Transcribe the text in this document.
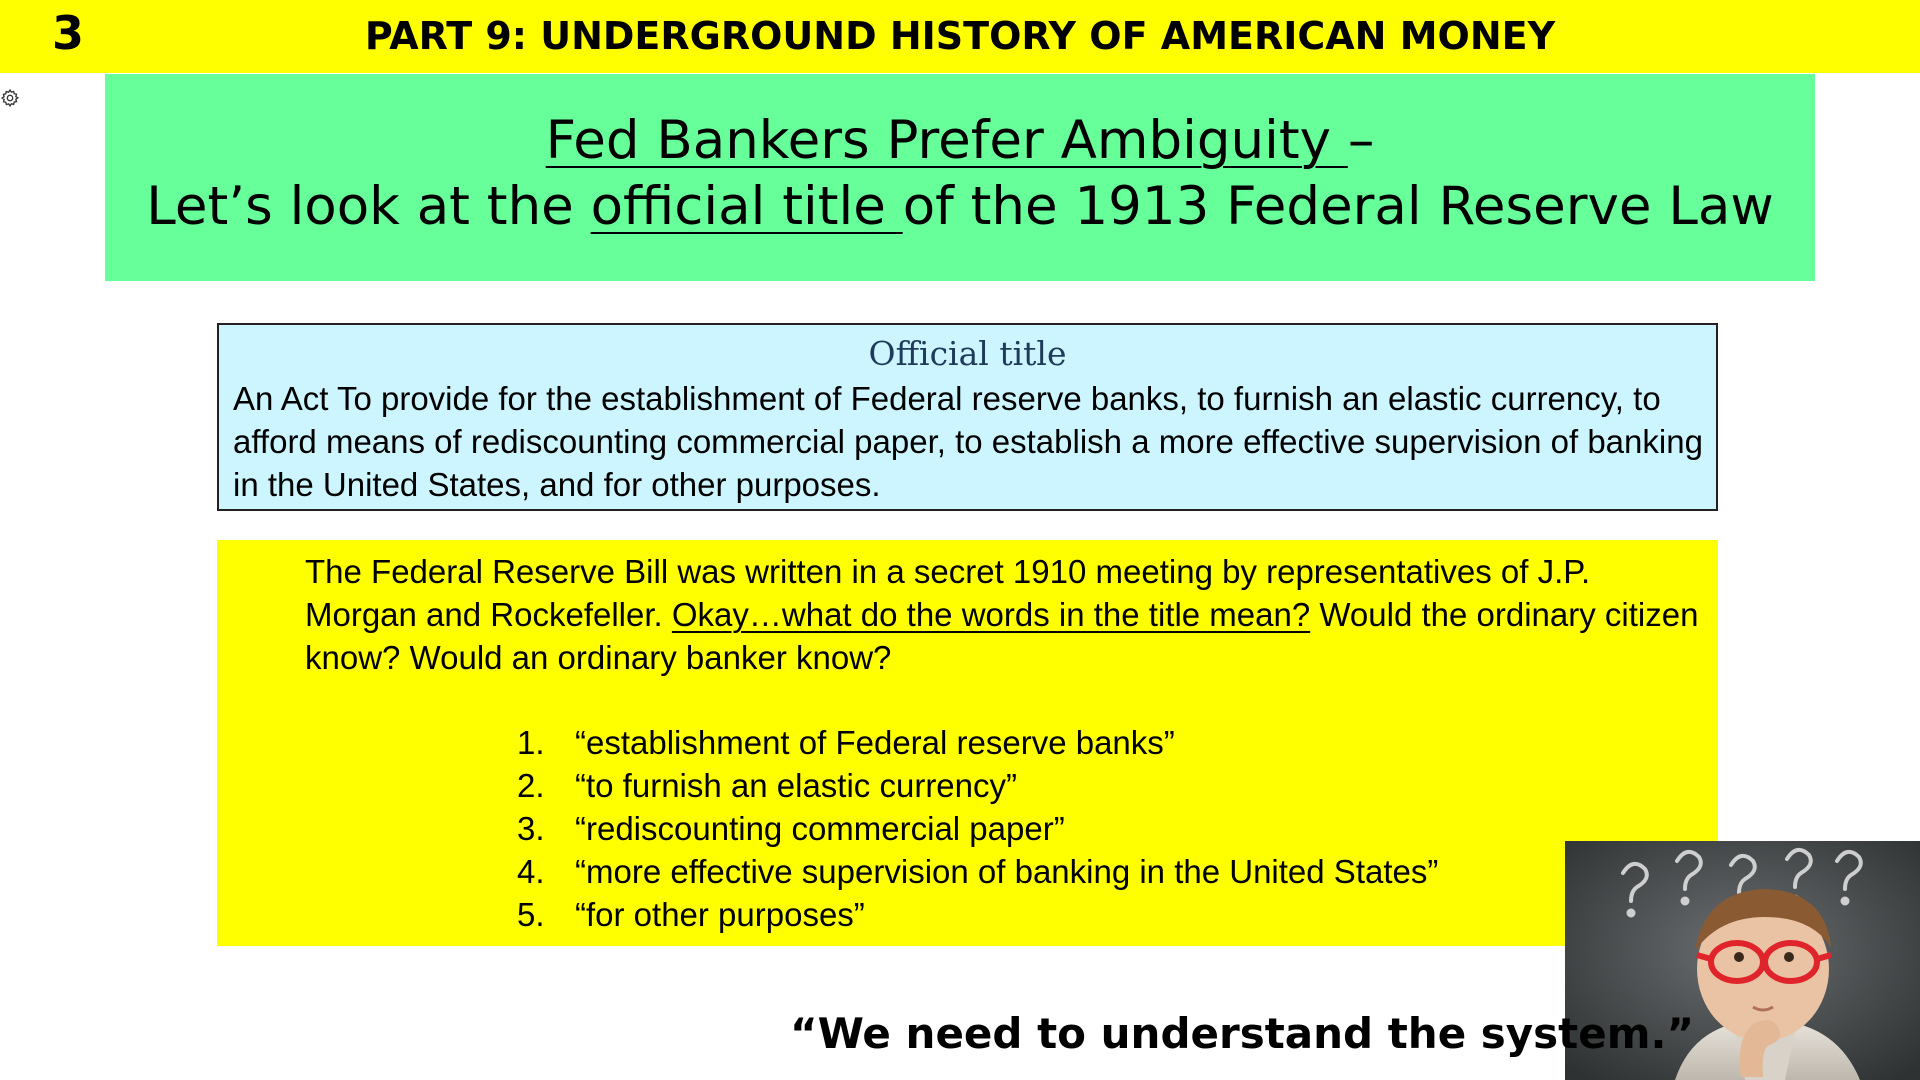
3	PART 9: UNDERGROUND HISTORY OF AMERICAN MONEY
Fed Bankers Prefer Ambiguity –
Let’s look at the official title of the 1913 Federal Reserve Law
Official title
An Act To provide for the establishment of Federal reserve banks, to furnish an elastic currency, to afford means of rediscounting commercial paper, to establish a more effective supervision of banking in the United States, and for other purposes.
The Federal Reserve Bill was written in a secret 1910 meeting by representatives of J.P. Morgan and Rockefeller. Okay…what do the words in the title mean? Would the ordinary citizen know? Would an ordinary banker know?
1. “establishment of Federal reserve banks”
2. “to furnish an elastic currency”
3. “rediscounting commercial paper”
4. “more effective supervision of banking in the United States”
5. “for other purposes”
“We need to understand the system.”
